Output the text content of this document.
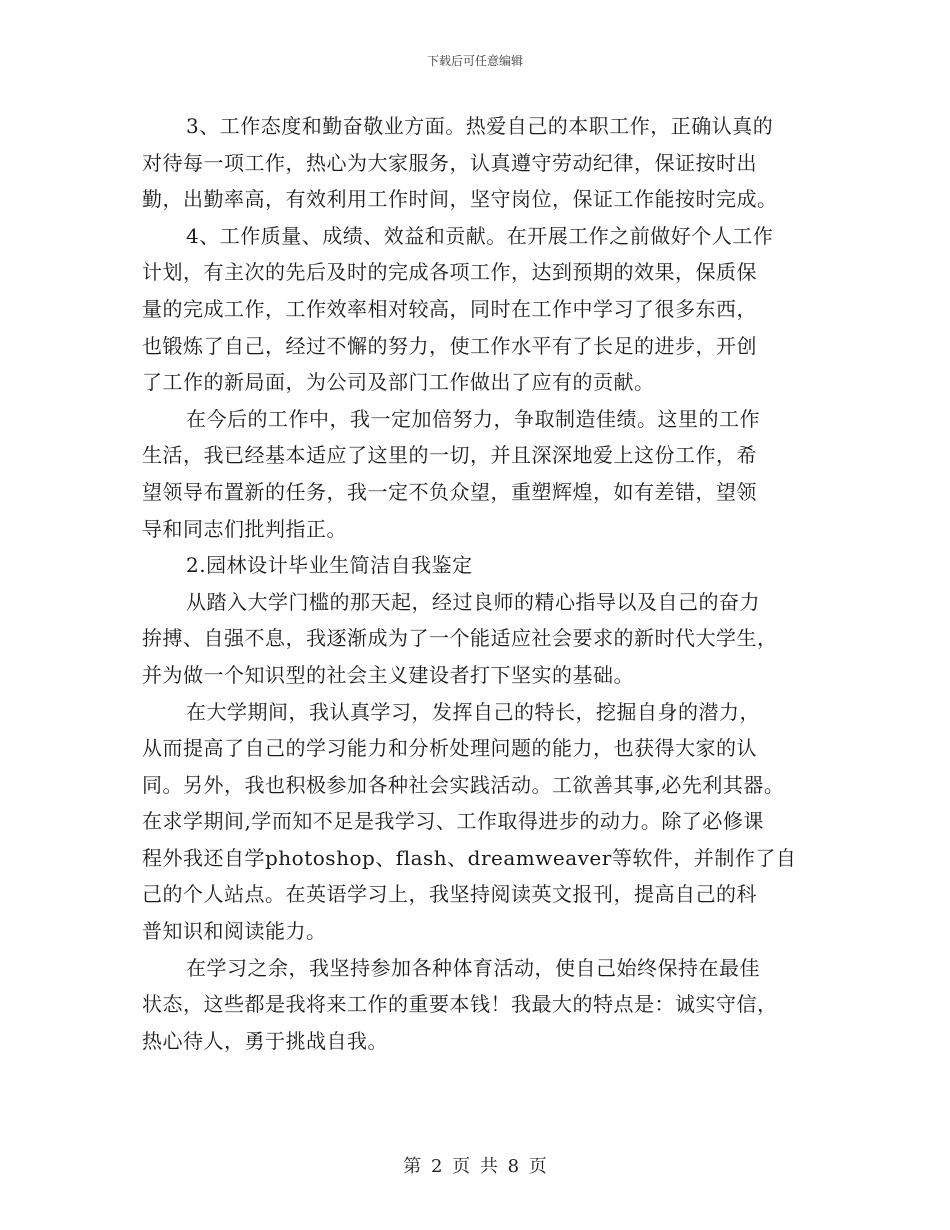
下载后可任意编辑
3、工作态度和勤奋敬业方面。热爱自己的本职工作，正确认真的
对待每一项工作，热心为大家服务，认真遵守劳动纪律，保证按时出
勤，出勤率高，有效利用工作时间，坚守岗位，保证工作能按时完成。
4、工作质量、成绩、效益和贡献。在开展工作之前做好个人工作
计划，有主次的先后及时的完成各项工作，达到预期的效果，保质保
量的完成工作，工作效率相对较高，同时在工作中学习了很多东西，
也锻炼了自己，经过不懈的努力，使工作水平有了长足的进步，开创
了工作的新局面，为公司及部门工作做出了应有的贡献。
在今后的工作中，我一定加倍努力，争取制造佳绩。这里的工作
生活，我已经基本适应了这里的一切，并且深深地爱上这份工作，希
望领导布置新的任务，我一定不负众望，重塑辉煌，如有差错，望领
导和同志们批判指正。
2.园林设计毕业生简洁自我鉴定
从踏入大学门槛的那天起，经过良师的精心指导以及自己的奋力
拚搏、自强不息，我逐渐成为了一个能适应社会要求的新时代大学生，
并为做一个知识型的社会主义建设者打下坚实的基础。
在大学期间，我认真学习，发挥自己的特长，挖掘自身的潜力，
从而提高了自己的学习能力和分析处理问题的能力，也获得大家的认
同。另外，我也积极参加各种社会实践活动。工欲善其事,必先利其器。
在求学期间,学而知不足是我学习、工作取得进步的动力。除了必修课
程外我还自学photoshop、flash、dreamweaver等软件，并制作了自
己的个人站点。在英语学习上，我坚持阅读英文报刊，提高自己的科
普知识和阅读能力。
在学习之余，我坚持参加各种体育活动，使自己始终保持在最佳
状态，这些都是我将来工作的重要本钱！我最大的特点是：诚实守信，
热心待人，勇于挑战自我。
第 2 页 共 8 页
